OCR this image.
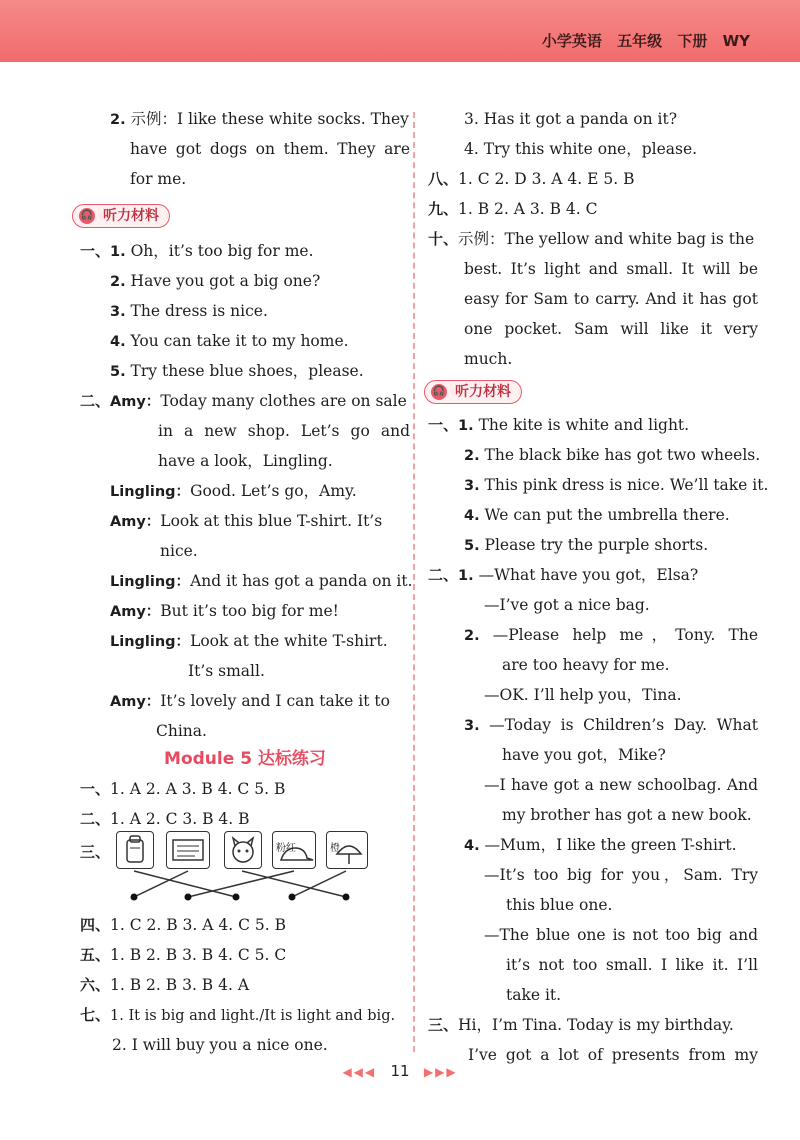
小学英语 五年级 下册 WY
2. 示例：I like these white socks. They
have got dogs on them. They are
for me.
🎧 听力材料
一、1. Oh，it’s too big for me.
2. Have you got a big one?
3. The dress is nice.
4. You can take it to my home.
5. Try these blue shoes，please.
二、Amy：Today many clothes are on sale
in a new shop. Let’s go and
have a look，Lingling.
Lingling：Good. Let’s go，Amy.
Amy：Look at this blue T-shirt. It’s
nice.
Lingling：And it has got a panda on it.
Amy：But it’s too big for me!
Lingling：Look at the white T-shirt.
It’s small.
Amy：It’s lovely and I can take it to
China.
Module 5 达标练习
一、1. A 2. A 3. B 4. C 5. B
二、1. A 2. C 3. B 4. B
三、	粉红	橙
四、1. C 2. B 3. A 4. C 5. B
五、1. B 2. B 3. B 4. C 5. C
六、1. B 2. B 3. B 4. A
七、1. It is big and light./It is light and big.
2. I will buy you a nice one.
3. Has it got a panda on it?
4. Try this white one，please.
八、1. C 2. D 3. A 4. E 5. B
九、1. B 2. A 3. B 4. C
十、示例：The yellow and white bag is the
best. It’s light and small. It will be
easy for Sam to carry. And it has got
one pocket. Sam will like it very
much.
🎧 听力材料
一、1. The kite is white and light.
2. The black bike has got two wheels.
3. This pink dress is nice. We’ll take it.
4. We can put the umbrella there.
5. Please try the purple shorts.
二、1. —What have you got，Elsa?
—I’ve got a nice bag.
2. —Please help me，Tony. The
are too heavy for me.
—OK. I’ll help you，Tina.
3. —Today is Children’s Day. What
have you got，Mike?
—I have got a new schoolbag. And
my brother has got a new book.
4. —Mum，I like the green T-shirt.
—It’s too big for you，Sam. Try
this blue one.
—The blue one is not too big and
it’s not too small. I like it. I’ll
take it.
三、Hi，I’m Tina. Today is my birthday.
I’ve got a lot of presents from my
◀◀◀ 11 ▶▶▶
